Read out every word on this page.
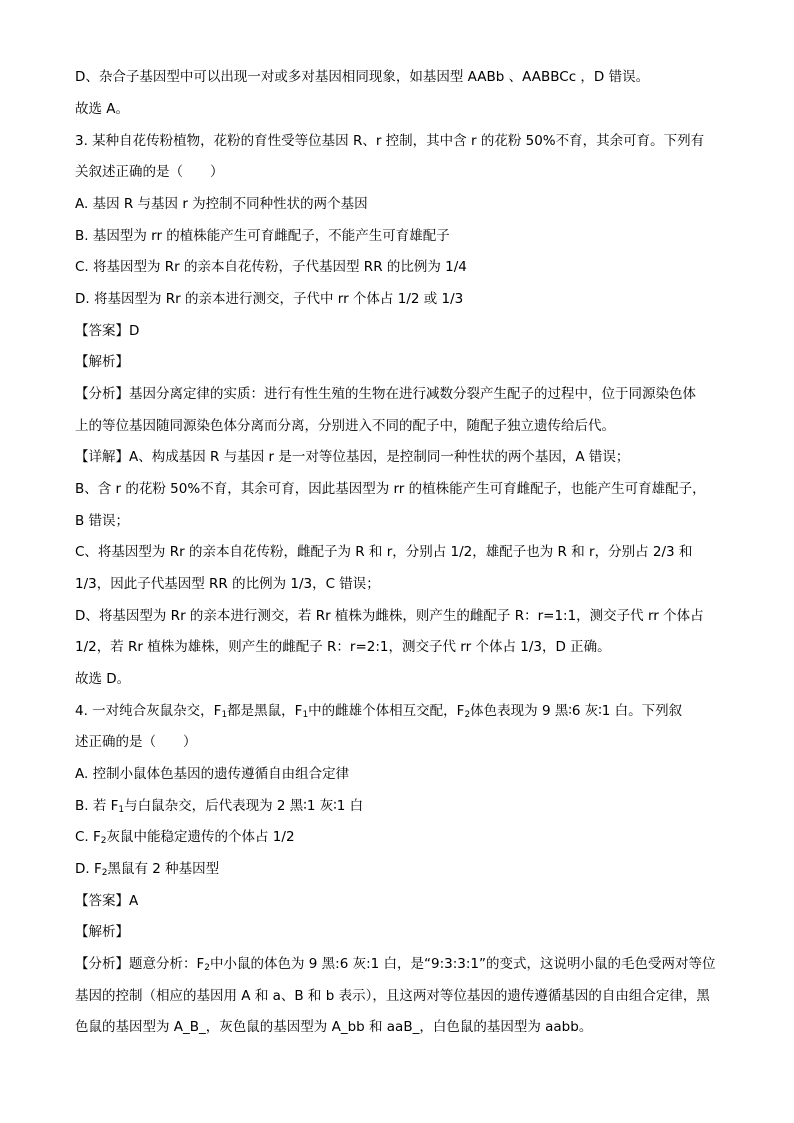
D、杂合子基因型中可以出现一对或多对基因相同现象，如基因型 AABb 、AABBCc ，D 错误。
故选 A。
3. 某种自花传粉植物，花粉的育性受等位基因 R、r 控制，其中含 r 的花粉 50%不育，其余可育。下列有
关叙述正确的是（　　）
A. 基因 R 与基因 r 为控制不同种性状的两个基因
B. 基因型为 rr 的植株能产生可育雌配子，不能产生可育雄配子
C. 将基因型为 Rr 的亲本自花传粉，子代基因型 RR 的比例为 1/4
D. 将基因型为 Rr 的亲本进行测交，子代中 rr 个体占 1/2 或 1/3
【答案】D
【解析】
【分析】基因分离定律的实质：进行有性生殖的生物在进行减数分裂产生配子的过程中，位于同源染色体
上的等位基因随同源染色体分离而分离，分别进入不同的配子中，随配子独立遗传给后代。
【详解】A、构成基因 R 与基因 r 是一对等位基因，是控制同一种性状的两个基因，A 错误；
B、含 r 的花粉 50%不育，其余可育，因此基因型为 rr 的植株能产生可育雌配子，也能产生可育雄配子，
B 错误；
C、将基因型为 Rr 的亲本自花传粉，雌配子为 R 和 r，分别占 1/2，雄配子也为 R 和 r，分别占 2/3 和
1/3，因此子代基因型 RR 的比例为 1/3，C 错误；
D、将基因型为 Rr 的亲本进行测交，若 Rr 植株为雌株，则产生的雌配子 R：r=1:1，测交子代 rr 个体占
1/2，若 Rr 植株为雄株，则产生的雌配子 R：r=2:1，测交子代 rr 个体占 1/3，D 正确。
故选 D。
4. 一对纯合灰鼠杂交，$F_1$都是黑鼠，$F_1$中的雌雄个体相互交配，$F_2$体色表现为 9 黑∶6 灰∶1 白。下列叙
述正确的是（　　）
A. 控制小鼠体色基因的遗传遵循自由组合定律
B. 若 $F_1$与白鼠杂交，后代表现为 2 黑∶1 灰∶1 白
C. $F_2$灰鼠中能稳定遗传的个体占 1/2
D. $F_2$黑鼠有 2 种基因型
【答案】A
【解析】
【分析】题意分析：$F_2$中小鼠的体色为 9 黑:6 灰:1 白，是“9:3:3:1”的变式，这说明小鼠的毛色受两对等位
基因的控制（相应的基因用 A 和 a、B 和 b 表示），且这两对等位基因的遗传遵循基因的自由组合定律，黑
色鼠的基因型为 A_B_，灰色鼠的基因型为 A_bb 和 aaB_，白色鼠的基因型为 aabb。
